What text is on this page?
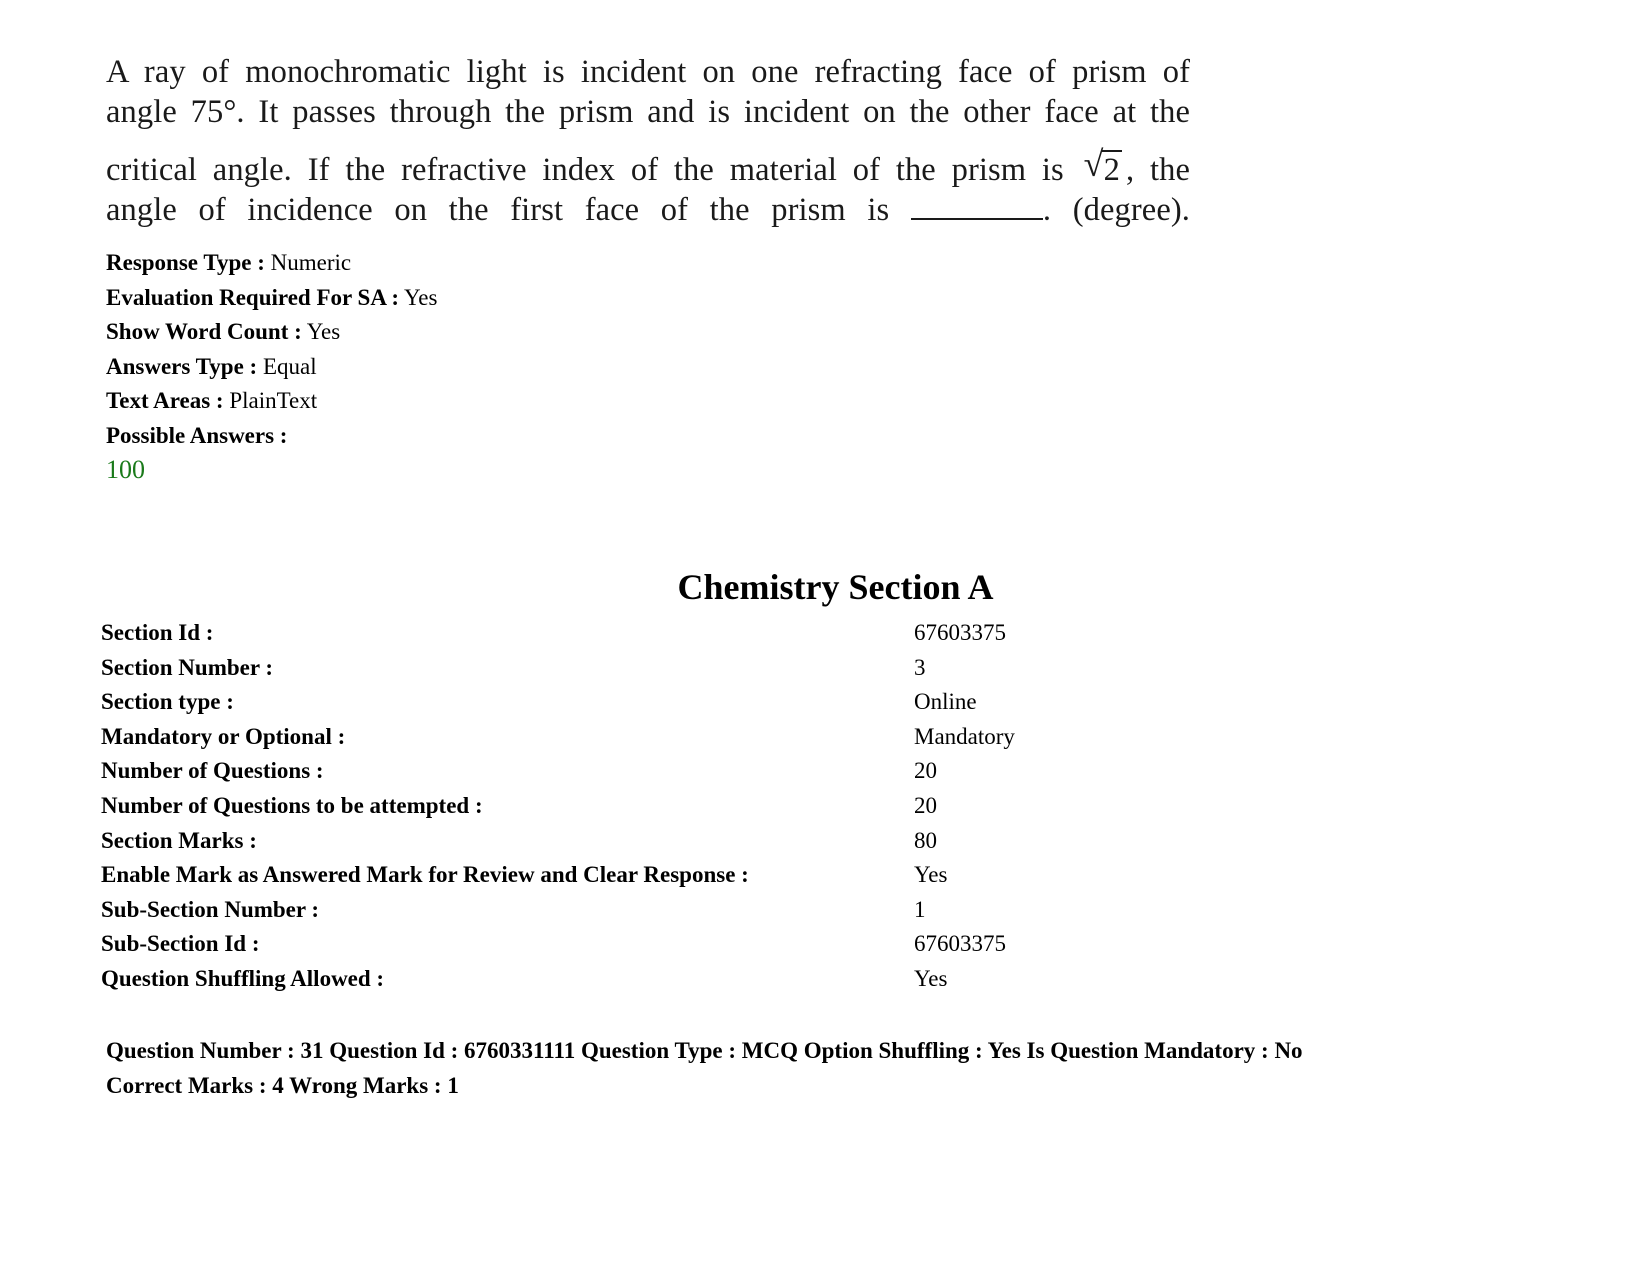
A ray of monochromatic light is incident on one refracting face of prism of
angle 75°. It passes through the prism and is incident on the other face at the
critical angle. If the refractive index of the material of the prism is √ 2 , the
angle of incidence on the first face of the prism is	. (degree).
Response Type : Numeric
Evaluation Required For SA : Yes
Show Word Count : Yes
Answers Type : Equal
Text Areas : PlainText
Possible Answers :
100
Chemistry Section A
Section Id :	67603375
Section Number :	3
Section type :	Online
Mandatory or Optional :	Mandatory
Number of Questions :	20
Number of Questions to be attempted :	20
Section Marks :	80
Enable Mark as Answered Mark for Review and Clear Response :	Yes
Sub-Section Number :	1
Sub-Section Id :	67603375
Question Shuffling Allowed :	Yes
Question Number : 31 Question Id : 6760331111 Question Type : MCQ Option Shuffling : Yes Is Question Mandatory : No
Correct Marks : 4 Wrong Marks : 1
